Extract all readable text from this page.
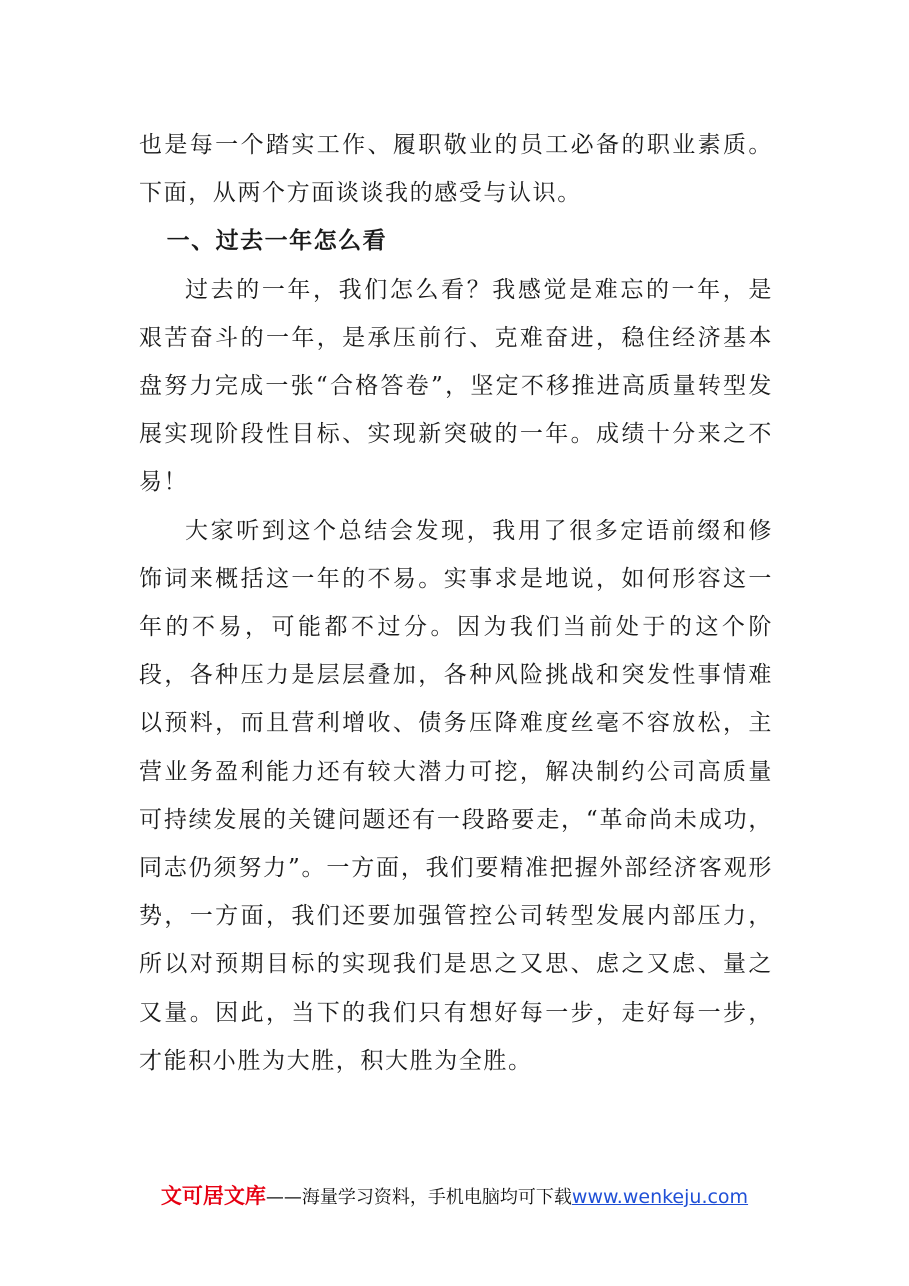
也是每一个踏实工作、履职敬业的员工必备的职业素质。下面，从两个方面谈谈我的感受与认识。

一、过去一年怎么看

过去的一年，我们怎么看？我感觉是难忘的一年，是艰苦奋斗的一年，是承压前行、克难奋进，稳住经济基本盘努力完成一张“合格答卷”，坚定不移推进高质量转型发展实现阶段性目标、实现新突破的一年。成绩十分来之不易！

大家听到这个总结会发现，我用了很多定语前缀和修饰词来概括这一年的不易。实事求是地说，如何形容这一年的不易，可能都不过分。因为我们当前处于的这个阶段，各种压力是层层叠加，各种风险挑战和突发性事情难以预料，而且营利增收、债务压降难度丝毫不容放松，主营业务盈利能力还有较大潜力可挖，解决制约公司高质量可持续发展的关键问题还有一段路要走，“革命尚未成功，同志仍须努力”。一方面，我们要精准把握外部经济客观形势，一方面，我们还要加强管控公司转型发展内部压力，所以对预期目标的实现我们是思之又思、虑之又虑、量之又量。因此，当下的我们只有想好每一步，走好每一步，才能积小胜为大胜，积大胜为全胜。

文可居文库——海量学习资料，手机电脑均可下载www.wenkeju.com
